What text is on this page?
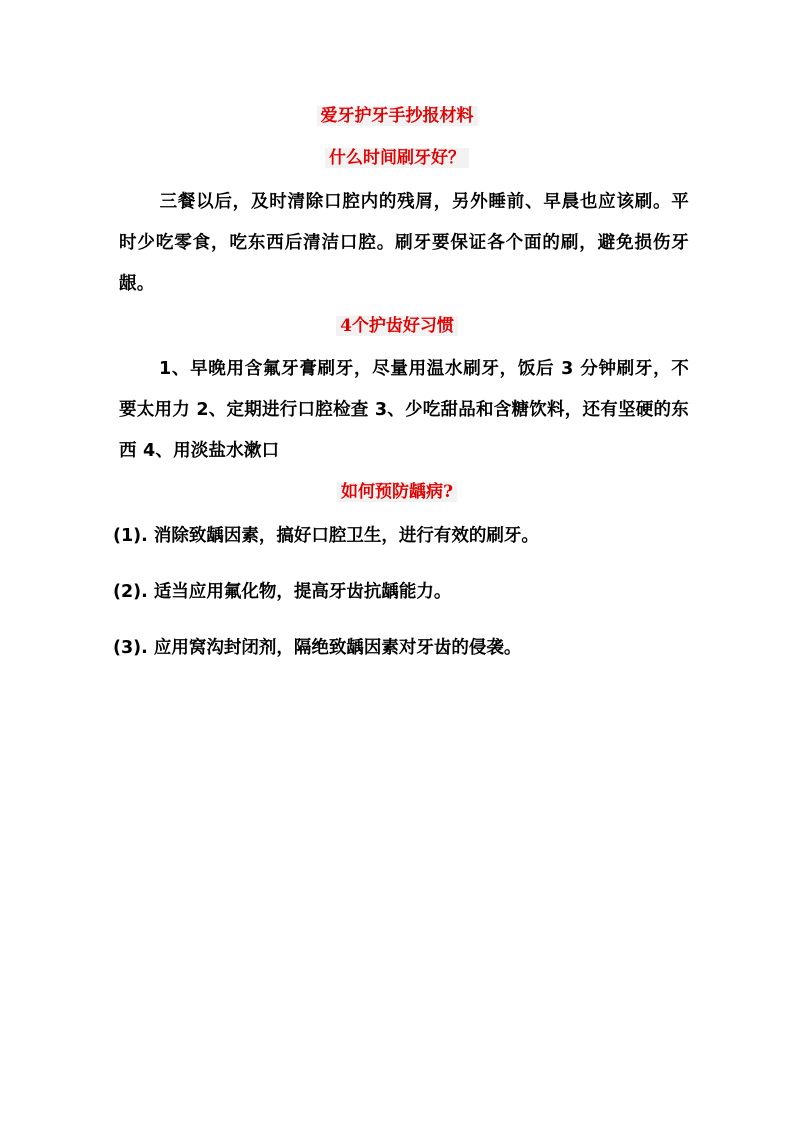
爱牙护牙手抄报材料
什么时间刷牙好？
三餐以后，及时清除口腔内的残屑，另外睡前、早晨也应该刷。平时少吃零食，吃东西后清洁口腔。刷牙要保证各个面的刷，避免损伤牙龈。
4个护齿好习惯
1、早晚用含氟牙膏刷牙，尽量用温水刷牙，饭后 3 分钟刷牙，不要太用力 2、定期进行口腔检查 3、少吃甜品和含糖饮料，还有坚硬的东西 4、用淡盐水漱口
如何预防龋病?
(1). 消除致龋因素，搞好口腔卫生，进行有效的刷牙。
(2). 适当应用氟化物，提高牙齿抗龋能力。
(3). 应用窝沟封闭剂，隔绝致龋因素对牙齿的侵袭。
